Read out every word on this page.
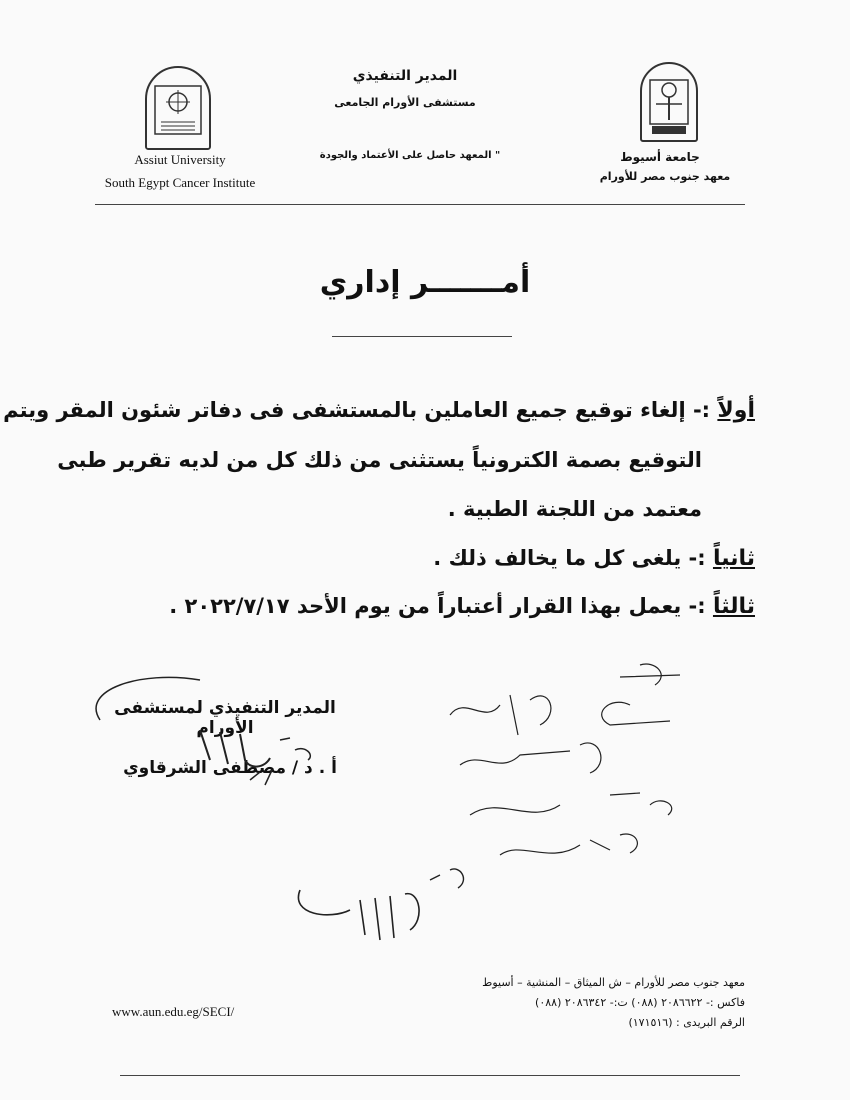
جامعة أسيوط
معهد جنوب مصر للأورام
المدير التنفيذي
مستشفى الأورام الجامعى
" المعهد حاصل على الأعتماد والجودة
Assiut University
South Egypt Cancer Institute
أمـــــــر إداري
أولاً :- إلغاء توقيع جميع العاملين بالمستشفى فى دفاتر شئون المقر ويتم
التوقيع بصمة الكترونياً يستثنى من ذلك كل من لديه تقرير طبى
معتمد من اللجنة الطبية .
ثانياً :- يلغى كل ما يخالف ذلك .
ثالثاً :- يعمل بهذا القرار أعتباراً من يوم الأحد ٢٠٢٢/٧/١٧ .
المدير التنفيذي لمستشفى الأورام
أ . د / مصطفى الشرقاوي
معهد جنوب مصر للأورام – ش الميثاق – المنشية – أسيوط
فاكس :- ٢٠٨٦٦٢٢ (٠٨٨) ت:- ٢٠٨٦٣٤٢ (٠٨٨)
الرقم البريدى : (١٧١٥١٦)
www.aun.edu.eg/SECI/
